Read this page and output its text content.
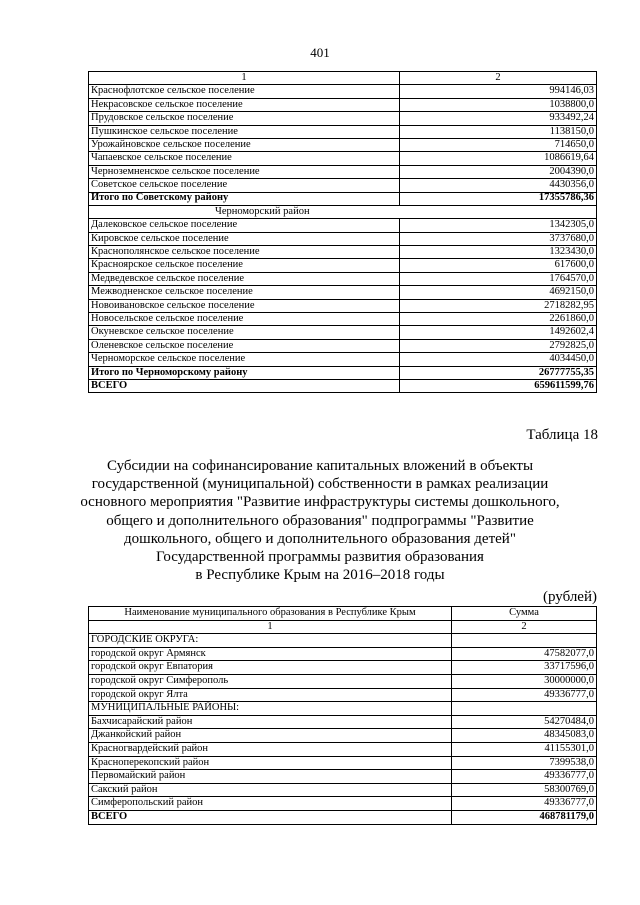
401
1	2
Краснофлотское сельское поселение	994146,03
Некрасовское сельское поселение	1038800,0
Прудовское сельское поселение	933492,24
Пушкинское сельское поселение	1138150,0
Урожайновское сельское поселение	714650,0
Чапаевское сельское поселение	1086619,64
Черноземненское сельское поселение	2004390,0
Советское сельское поселение	4430356,0
Итого по Советскому району	17355786,36
Черноморский район	
Далековское сельское поселение	1342305,0
Кировское сельское поселение	3737680,0
Краснополянское сельское поселение	1323430,0
Красноярское сельское поселение	617600,0
Медведевское сельское поселение	1764570,0
Межводненское сельское поселение	4692150,0
Новоивановское сельское поселение	2718282,95
Новосельское сельское поселение	2261860,0
Окуневское сельское поселение	1492602,4
Оленевское сельское поселение	2792825,0
Черноморское сельское поселение	4034450,0
Итого по Черноморскому району	26777755,35
ВСЕГО	659611599,76
Таблица 18
Субсидии на софинансирование капитальных вложений в объекты
государственной (муниципальной) собственности в рамках реализации
основного мероприятия "Развитие инфраструктуры системы дошкольного,
общего и дополнительного образования" подпрограммы "Развитие
дошкольного, общего и дополнительного образования детей"
Государственной программы развития образования
в Республике Крым на 2016–2018 годы
(рублей)
Наименование муниципального образования в Республике Крым	Сумма
1	2
ГОРОДСКИЕ ОКРУГА:	
городской округ Армянск	47582077,0
городской округ Евпатория	33717596,0
городской округ Симферополь	30000000,0
городской округ Ялта	49336777,0
МУНИЦИПАЛЬНЫЕ РАЙОНЫ:	
Бахчисарайский район	54270484,0
Джанкойский район	48345083,0
Красногвардейский район	41155301,0
Красноперекопский район	7399538,0
Первомайский район	49336777,0
Сакский район	58300769,0
Симферопольский район	49336777,0
ВСЕГО	468781179,0
